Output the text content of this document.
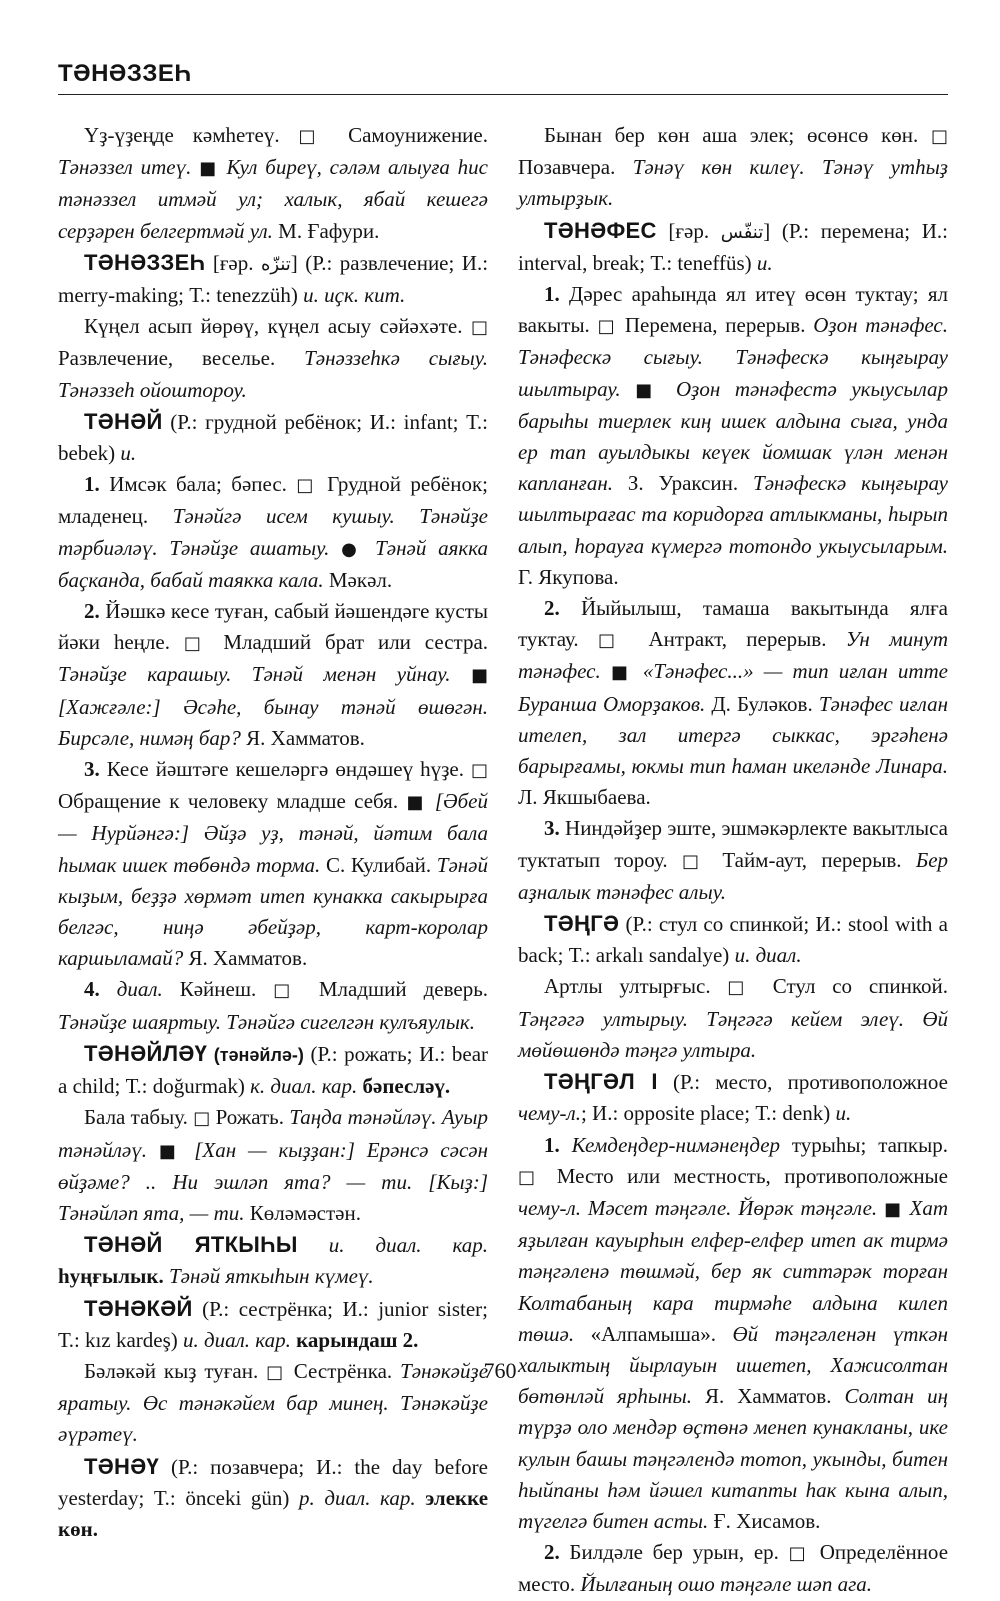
ТӘНӘЗЗЕҺ

Үҙ-үҙеңде кәмһетеү. □ Самоунижение. Тәнәззел итеү. ■ Кул биреү, сәләм алыуға һис тәнәззел итмәй ул; халык, ябай кешегә серҙәрен белгертмәй ул. М. Ғафури.

ТӘНӘЗЗЕҺ [ғәр. تنزّه] (Р.: развлечение; И.: merry-making; Т.: tenezzüh) и. иҫк. кит.

Күңел асып йөрөү, күңел асыу сәйәхәте. □ Развлечение, веселье. Тәнәззеһкә сығыу. Тәнәззеһ ойоштороу.

ТӘНӘЙ (Р.: грудной ребёнок; И.: infant; Т.: bebek) и.

1. Имсәк бала; бәпес. □ Грудной ребёнок; младенец. Тәнәйгә исем кушыу. Тәнәйҙе тәрбиәләү. Тәнәйҙе ашатыу. ● Тәнәй аякка баҫканда, бабай таякка кала. Мәкәл.

2. Йәшкә кесе туған, сабый йәшендәге кусты йәки һеңле. □ Младший брат или сестра. Тәнәйҙе карашыу. Тәнәй менән уйнау. ■ [Хажғәле:] Әсәһе, бынау тәнәй өшөгән. Бирсәле, нимәң бар? Я. Хамматов.

3. Кесе йәштәге кешеләргә өндәшеү һүҙе. □ Обращение к человеку младше себя. ■ [Әбей — Нурйәнгә:] Әйҙә уҙ, тәнәй, йәтим бала һымак ишек төбөндә торма. С. Кулибай. Тәнәй кыҙым, беҙҙә хөрмәт итеп кунакка сакырырға белгәс, ниңә әбейҙәр, карт-королар каршыламай? Я. Хамматов.

4. диал. Кәйнеш. □ Младший деверь. Тәнәйҙе шаяртыу. Тәнәйгә сигелгән кулъяулык.

ТӘНӘЙЛӘҮ (тәнәйлә-) (Р.: рожать; И.: bear a child; Т.: doğurmak) к. диал. кар. бәпесләү.

Бала табыу. □ Рожать. Таңда тәнәйләү. Ауыр тәнәйләү. ■ [Хан — кыҙҙан:] Ерәнсә сәсән өйҙәме? .. Ни эшләп ята? — ти. [Кыҙ:] Тәнәйләп ята, — ти. Көләмәстән.

ТӘНӘЙ ЯТКЫҺЫ и. диал. кар. һуңғылык. Тәнәй яткыһын күмеү.

ТӘНӘКӘЙ (Р.: сестрёнка; И.: junior sister; Т.: kız kardeş) и. диал. кар. карындаш 2.

Бәләкәй кыҙ туған. □ Сестрёнка. Тәнәкәйҙе яратыу. Өс тәнәкәйем бар минең. Тәнәкәйҙе әүрәтеү.

ТӘНӘҮ (Р.: позавчера; И.: the day before yesterday; Т.: önceki gün) р. диал. кар. элекке көн.

Бынан бер көн аша элек; өсөнсө көн. □ Позавчера. Тәнәү көн килеү. Тәнәү утһыҙ ултырҙык.

ТӘНӘФЕС [ғәр. تنفّس] (Р.: перемена; И.: interval, break; Т.: teneffüs) и.

1. Дәрес араһында ял итеү өсөн туктау; ял вакыты. □ Перемена, перерыв. Оҙон тәнәфес. Тәнәфескә сығыу. Тәнәфескә кыңғырау шылтырау. ■ Оҙон тәнәфестә укыусылар барыһы тиерлек киң ишек алдына сыға, унда ер тап ауылдыкы кеүек йомшак үлән менән капланған. З. Ураксин. Тәнәфескә кыңғырау шылтырағас та коридорға атлыкманы, һырып алып, һорауға күмергә тотондо укыусыларым. Г. Якупова.

2. Йыйылыш, тамаша вакытында ялға туктау. □ Антракт, перерыв. Ун минут тәнәфес. ■ «Тәнәфес...» — тип иғлан итте Бураншa Оморҙаков. Д. Буләков. Тәнәфес иғлан ителеп, зал итергә сыккас, эргәһенә барырғамы, юкмы тип һаман икеләнде Линара. Л. Якшыбаева.

3. Ниндәйҙер эште, эшмәкәрлекте вакытлыса туктатып тороу. □ Тайм-аут, перерыв. Бер аҙналык тәнәфес алыу.

ТӘҢГӘ (Р.: стул со спинкой; И.: stool with a back; Т.: arkalı sandalye) и. диал.

Артлы ултырғыс. □ Стул со спинкой. Тәңгәгә ултырыу. Тәңгәгә кейем элеү. Өй мөйөшөндә тәңгә ултыра.

ТӘҢГӘЛ I (Р.: место, противоположное чему-л.; И.: opposite place; Т.: denk) и.

1. Кемдеңдер-нимәнеңдер турыһы; тапкыр. □ Место или местность, противоположные чему-л. Мәсет тәңгәле. Йөрәк тәңгәле. ■ Хат яҙылған кауырһын елфер-елфер итеп ак тирмә тәңгәленә төшмәй, бер як ситтәрәк торған Колтабаның кара тирмәһе алдына килеп төшә. «Алпамыша». Өй тәңгәленән үткән халыктың йырлауын ишетеп, Хажисолтан бөтөнләй ярһыны. Я. Хамматов. Солтан иң түрҙә оло мендәр өҫтөнә менеп кунакланы, ике кулын башы тәңгәлендә тотоп, укынды, битен һыйпаны һәм йәшел китапты һак кына алып, түгелгә битен асты. Ғ. Хисамов.

2. Билдәле бер урын, ер. □ Определённое место. Йылғаның ошо тәңгәле шәп ага.

760
